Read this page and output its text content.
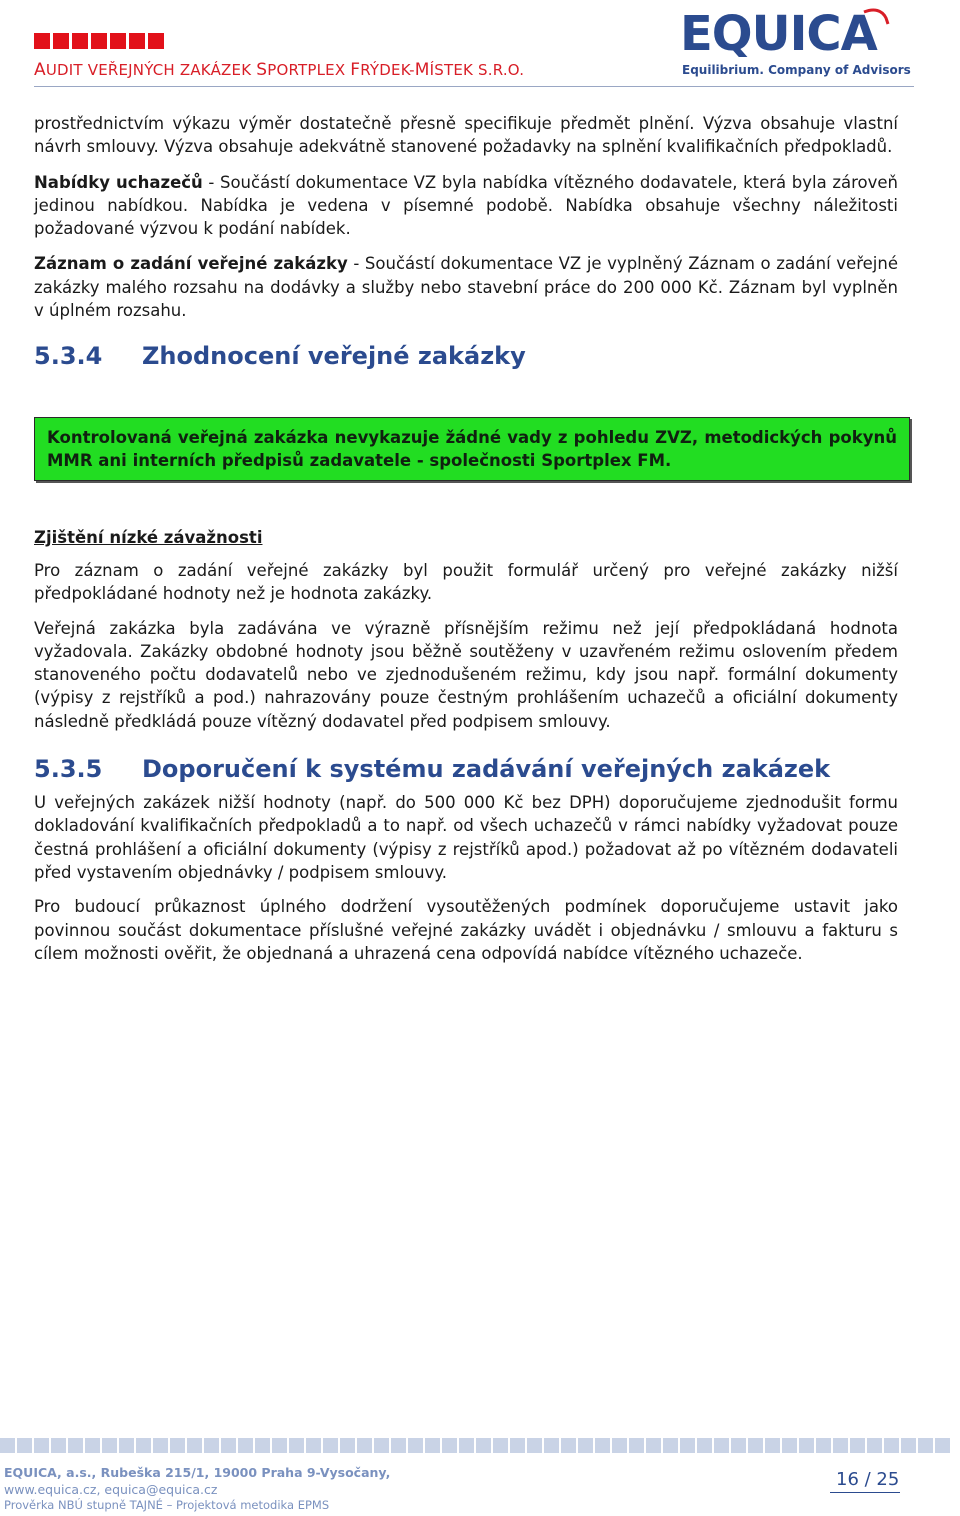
AUDIT VEŘEJNÝCH ZAKÁZEK SPORTPLEX FRÝDEK-MÍSTEK S.R.O.
EQUICA
Equilibrium. Company of Advisors

prostřednictvím výkazu výměr dostatečně přesně specifikuje předmět plnění. Výzva obsahuje vlastní návrh smlouvy. Výzva obsahuje adekvátně stanovené požadavky na splnění kvalifikačních předpokladů.

Nabídky uchazečů - Součástí dokumentace VZ byla nabídka vítězného dodavatele, která byla zároveň jedinou nabídkou. Nabídka je vedena v písemné podobě. Nabídka obsahuje všechny náležitosti požadované výzvou k podání nabídek.

Záznam o zadání veřejné zakázky - Součástí dokumentace VZ je vyplněný Záznam o zadání veřejné zakázky malého rozsahu na dodávky a služby nebo stavební práce do 200 000 Kč. Záznam byl vyplněn v úplném rozsahu.

5.3.4	Zhodnocení veřejné zakázky
Kontrolovaná veřejná zakázka nevykazuje žádné vady z pohledu ZVZ, metodických pokynů MMR ani interních předpisů zadavatele - společnosti Sportplex FM.
Zjištění nízké závažnosti

Pro záznam o zadání veřejné zakázky byl použit formulář určený pro veřejné zakázky nižší předpokládané hodnoty než je hodnota zakázky.

Veřejná zakázka byla zadávána ve výrazně přísnějším režimu než její předpokládaná hodnota vyžadovala. Zakázky obdobné hodnoty jsou běžně soutěženy v uzavřeném režimu oslovením předem stanoveného počtu dodavatelů nebo ve zjednodušeném režimu, kdy jsou např. formální dokumenty (výpisy z rejstříků a pod.) nahrazovány pouze čestným prohlášením uchazečů a oficiální dokumenty následně předkládá pouze vítězný dodavatel před podpisem smlouvy.

5.3.5	Doporučení k systému zadávání veřejných zakázek

U veřejných zakázek nižší hodnoty (např. do 500 000 Kč bez DPH) doporučujeme zjednodušit formu dokladování kvalifikačních předpokladů a to např. od všech uchazečů v rámci nabídky vyžadovat pouze čestná prohlášení a oficiální dokumenty (výpisy z rejstříků apod.) požadovat až po vítězném dodavateli před vystavením objednávky / podpisem smlouvy.

Pro budoucí průkaznost úplného dodržení vysoutěžených podmínek doporučujeme ustavit jako povinnou součást dokumentace příslušné veřejné zakázky uvádět i objednávku / smlouvu a fakturu s cílem možnosti ověřit, že objednaná a uhrazená cena odpovídá nabídce vítězného uchazeče.

EQUICA, a.s., Rubeška 215/1, 19000 Praha 9-Vysočany,
www.equica.cz, equica@equica.cz
Prověrka NBÚ stupně TAJNÉ – Projektová metodika EPMS
16 / 25
